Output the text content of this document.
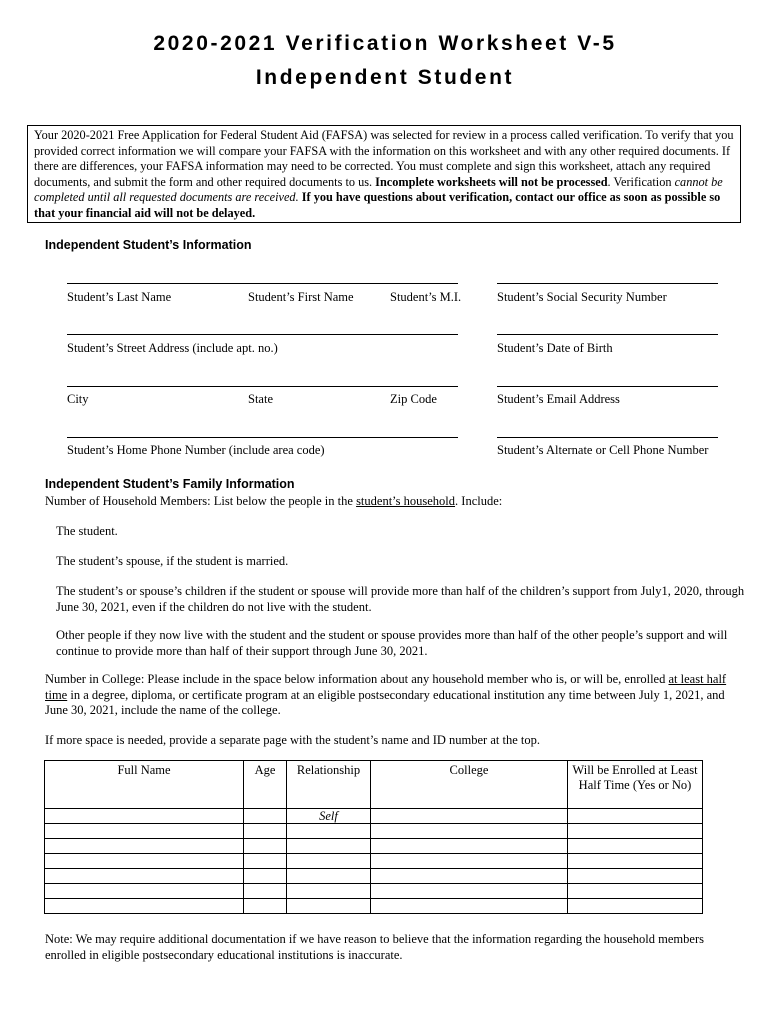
2020-2021 Verification Worksheet V-5
Independent Student
Your 2020-2021 Free Application for Federal Student Aid (FAFSA) was selected for review in a process called verification. To verify that you provided correct information we will compare your FAFSA with the information on this worksheet and with any other required documents. If there are differences, your FAFSA information may need to be corrected. You must complete and sign this worksheet, attach any required documents, and submit the form and other required documents to us. Incomplete worksheets will not be processed. Verification cannot be completed until all requested documents are received. If you have questions about verification, contact our office as soon as possible so that your financial aid will not be delayed.
Independent Student’s Information
Student’s Last Name	Student’s First Name	Student’s M.I.	Student’s Social Security Number
Student’s Street Address (include apt. no.)	Student’s Date of Birth
City	State	Zip Code	Student’s Email Address
Student’s Home Phone Number (include area code)	Student’s Alternate or Cell Phone Number
Independent Student’s Family Information
Number of Household Members: List below the people in the student’s household. Include:
The student.
The student’s spouse, if the student is married.
The student’s or spouse’s children if the student or spouse will provide more than half of the children’s support from July1, 2020, through June 30, 2021, even if the children do not live with the student.
Other people if they now live with the student and the student or spouse provides more than half of the other people’s support and will continue to provide more than half of their support through June 30, 2021.
Number in College: Please include in the space below information about any household member who is, or will be, enrolled at least half time in a degree, diploma, or certificate program at an eligible postsecondary educational institution any time between July 1, 2021, and June 30, 2021, include the name of the college.
If more space is needed, provide a separate page with the student’s name and ID number at the top.
Full Name	Age	Relationship	College	Will be Enrolled at Least Half Time (Yes or No)
		Self		

Note: We may require additional documentation if we have reason to believe that the information regarding the household members enrolled in eligible postsecondary educational institutions is inaccurate.
